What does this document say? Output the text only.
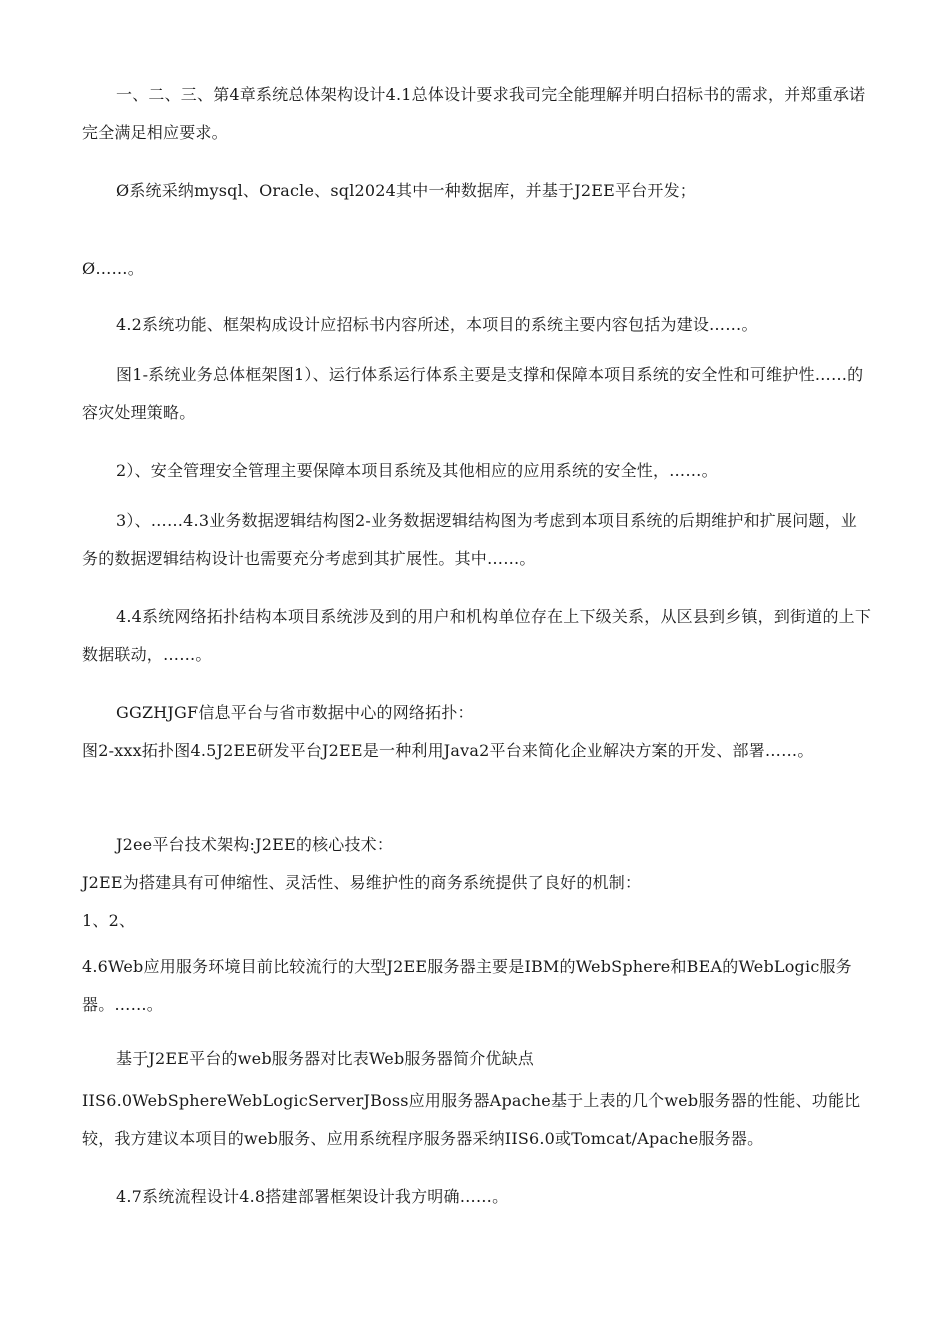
一、二、三、第4章系统总体架构设计4.1总体设计要求我司完全能理解并明白招标书的需求，并郑重承诺完全满足相应要求。

Ø系统采纳mysql、Oracle、sql2024其中一种数据库，并基于J2EE平台开发；

Ø……。

4.2系统功能、框架构成设计应招标书内容所述，本项目的系统主要内容包括为建设……。

图1-系统业务总体框架图1）、运行体系运行体系主要是支撑和保障本项目系统的安全性和可维护性……的容灾处理策略。

2）、安全管理安全管理主要保障本项目系统及其他相应的应用系统的安全性，……。

3）、……4.3业务数据逻辑结构图2-业务数据逻辑结构图为考虑到本项目系统的后期维护和扩展问题，业务的数据逻辑结构设计也需要充分考虑到其扩展性。其中……。

4.4系统网络拓扑结构本项目系统涉及到的用户和机构单位存在上下级关系，从区县到乡镇，到街道的上下数据联动，……。

GGZHJGF信息平台与省市数据中心的网络拓扑：

图2-xxx拓扑图4.5J2EE研发平台J2EE是一种利用Java2平台来简化企业解决方案的开发、部署……。

J2ee平台技术架构:J2EE的核心技术：

J2EE为搭建具有可伸缩性、灵活性、易维护性的商务系统提供了良好的机制：

1、2、

4.6Web应用服务环境目前比较流行的大型J2EE服务器主要是IBM的WebSphere和BEA的WebLogic服务器。……。

基于J2EE平台的web服务器对比表Web服务器简介优缺点

IIS6.0WebSphereWebLogicServerJBoss应用服务器Apache基于上表的几个web服务器的性能、功能比较，我方建议本项目的web服务、应用系统程序服务器采纳IIS6.0或Tomcat/Apache服务器。

4.7系统流程设计4.8搭建部署框架设计我方明确……。
